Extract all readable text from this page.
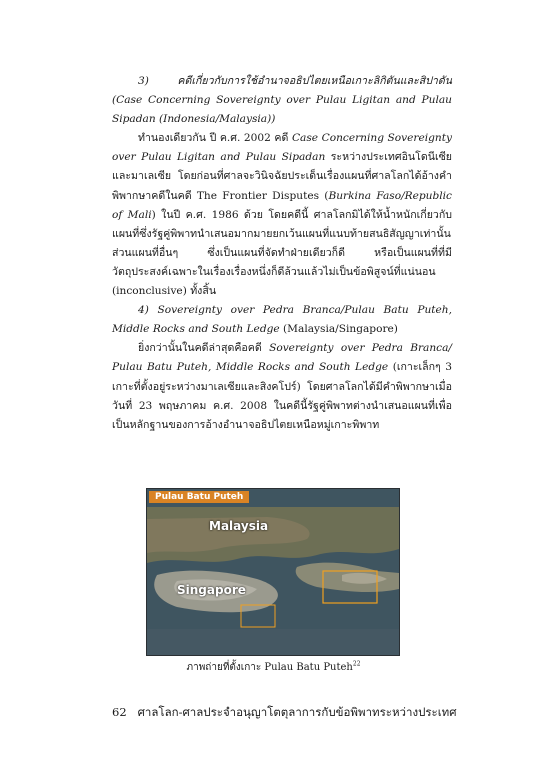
3) คดีเกี่ยวกับการใช้อำนาจอธิปไตยเหนือเกาะลิกิตันและสิปาดัน (Case Concerning Sovereignty over Pulau Ligitan and Pulau Sipadan (Indonesia/Malaysia))

ทำนองเดียวกัน ปี ค.ศ. 2002 คดี Case Concerning Sovereignty over Pulau Ligitan and Pulau Sipadan ระหว่างประเทศอินโดนีเซียและมาเลเซีย โดยก่อนที่ศาลจะวินิจฉัยประเด็นเรื่องแผนที่ศาลโลกได้อ้างคำพิพากษาคดีในคดี The Frontier Disputes (Burkina Faso/Republic of Mali) ในปี ค.ศ. 1986 ด้วย โดยคดีนี้ ศาลโลกมิได้ให้น้ำหนักเกี่ยวกับแผนที่ซึ่งรัฐคู่พิพาทนำเสนอมากมายยกเว้นแผนที่แนบท้ายสนธิสัญญาเท่านั้น ส่วนแผนที่อื่นๆ ซึ่งเป็นแผนที่จัดทำฝ่ายเดียวก็ดี หรือเป็นแผนที่ที่มีวัตถุประสงค์เฉพาะในเรื่องเรื่องหนึ่งก็ดีล้วนแล้วไม่เป็นข้อพิสูจน์ที่แน่นอน (inconclusive) ทั้งสิ้น

4) Sovereignty over Pedra Branca/Pulau Batu Puteh, Middle Rocks and South Ledge (Malaysia/Singapore)

ยิ่งกว่านั้นในคดีล่าสุดคือคดี Sovereignty over Pedra Branca/ Pulau Batu Puteh, Middle Rocks and South Ledge (เกาะเล็กๆ 3 เกาะที่ตั้งอยู่ระหว่างมาเลเซียและสิงคโปร์) โดยศาลโลกได้มีคำพิพากษาเมื่อวันที่ 23 พฤษภาคม ค.ศ. 2008 ในคดีนี้รัฐคู่พิพาทต่างนำเสนอแผนที่เพื่อเป็นหลักฐานของการอ้างอำนาจอธิปไตยเหนือหมู่เกาะพิพาท

Pulau Batu Puteh
Malaysia
Singapore
ภาพถ่ายที่ตั้งเกาะ Pulau Batu Puteh$^{22}$
62 ศาลโลก-ศาลประจำอนุญาโตตุลาการกับข้อพิพาทระหว่างประเทศ
